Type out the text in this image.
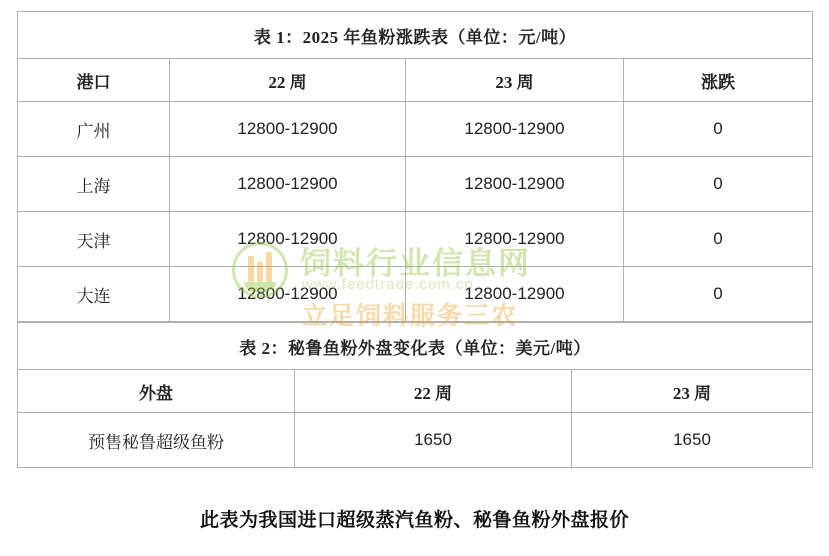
表 1：2025 年鱼粉涨跌表（单位：元/吨）			
港口	22 周	23 周	涨跌
广州	12800-12900	12800-12900	0
上海	12800-12900	12800-12900	0
天津	12800-12900	12800-12900	0
大连	12800-12900	12800-12900	0
表 2：秘鲁鱼粉外盘变化表（单位：美元/吨）		
外盘	22 周	23 周
预售秘鲁超级鱼粉	1650	1650
饲料行业信息网
www.feedtrade.com.cn
立足饲料服务三农
此表为我国进口超级蒸汽鱼粉、秘鲁鱼粉外盘报价
